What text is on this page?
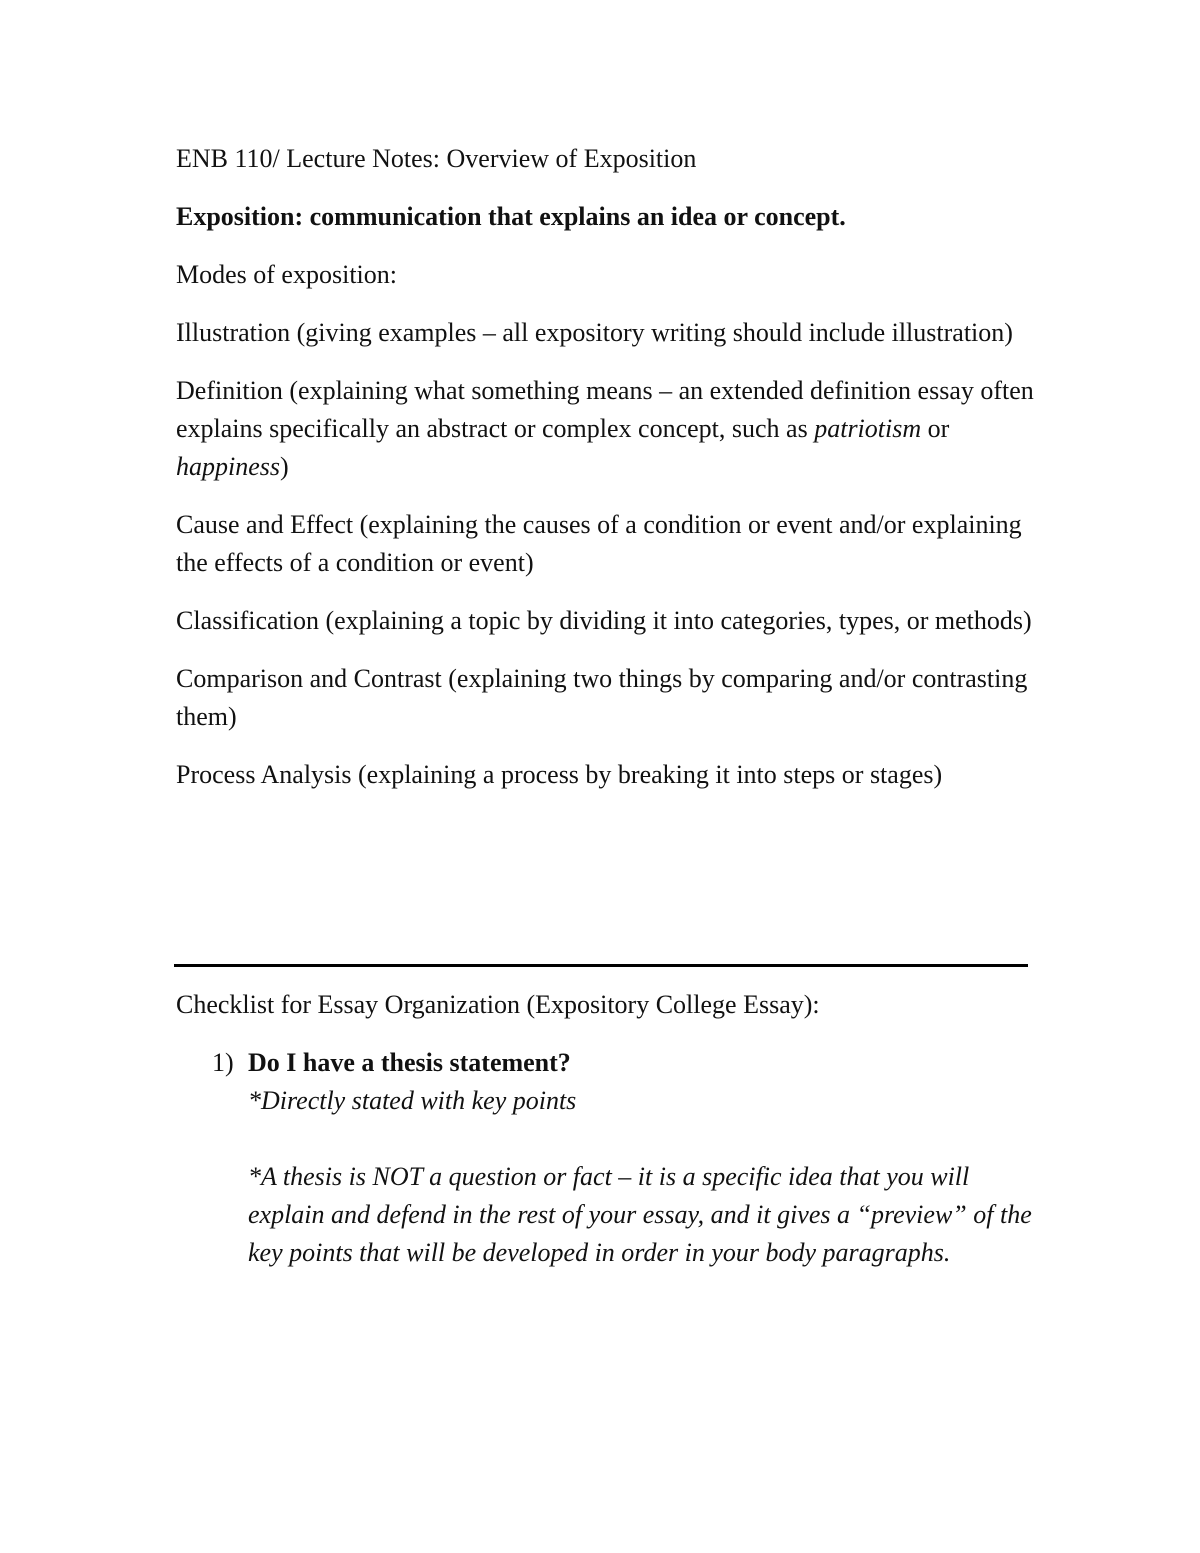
ENB 110/ Lecture Notes: Overview of Exposition

Exposition: communication that explains an idea or concept.

Modes of exposition:

Illustration (giving examples – all expository writing should include illustration)

Definition (explaining what something means – an extended definition essay often explains specifically an abstract or complex concept, such as patriotism or happiness)

Cause and Effect (explaining the causes of a condition or event and/or explaining the effects of a condition or event)

Classification (explaining a topic by dividing it into categories, types, or methods)

Comparison and Contrast (explaining two things by comparing and/or contrasting them)

Process Analysis (explaining a process by breaking it into steps or stages)

Checklist for Essay Organization (Expository College Essay):

1) Do I have a thesis statement?
*Directly stated with key points
*A thesis is NOT a question or fact – it is a specific idea that you will explain and defend in the rest of your essay, and it gives a “preview” of the key points that will be developed in order in your body paragraphs.
